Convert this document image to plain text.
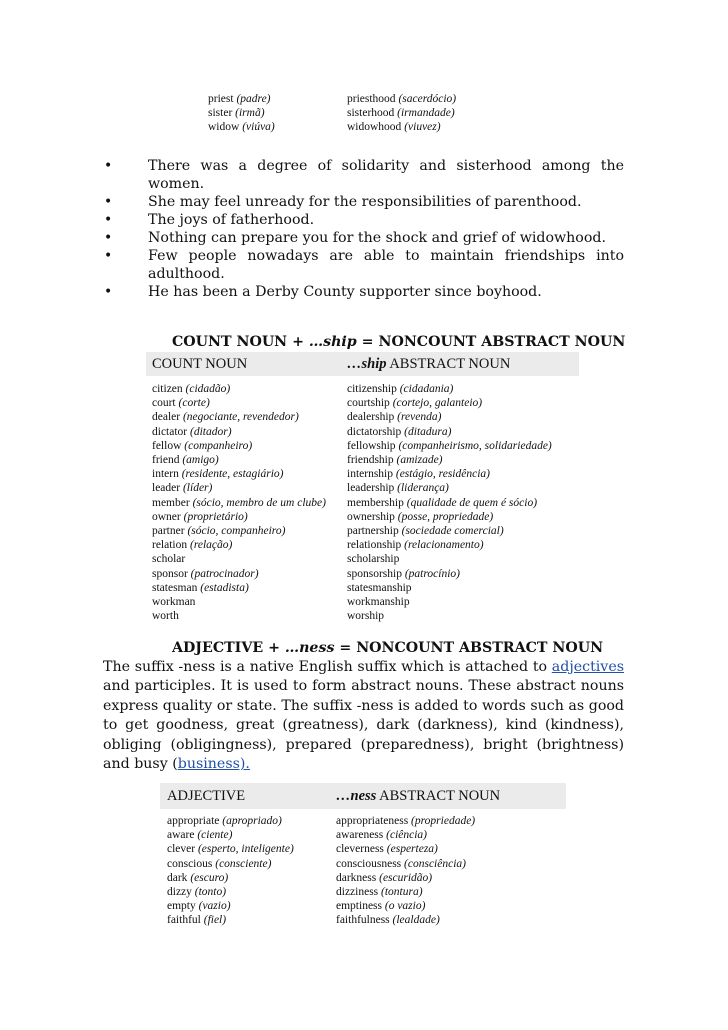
priest (padre)
sister (irmã)
widow (viúva)
priesthood (sacerdócio)
sisterhood (irmandade)
widowhood (viuvez)
• There was a degree of solidarity and sisterhood among the women.
• She may feel unready for the responsibilities of parenthood.
• The joys of fatherhood.
• Nothing can prepare you for the shock and grief of widowhood.
• Few people nowadays are able to maintain friendships into adulthood.
• He has been a Derby County supporter since boyhood.
COUNT NOUN + …ship = NONCOUNT ABSTRACT NOUN
COUNT NOUN	…ship ABSTRACT NOUN
citizen (cidadão)
court (corte)
dealer (negociante, revendedor)
dictator (ditador)
fellow (companheiro)
friend (amigo)
intern (residente, estagiário)
leader (líder)
member (sócio, membro de um clube)
owner (proprietário)
partner (sócio, companheiro)
relation (relação)
scholar
sponsor (patrocinador)
statesman (estadista)
workman
worth
citizenship (cidadania)
courtship (cortejo, galanteio)
dealership (revenda)
dictatorship (ditadura)
fellowship (companheirismo, solidariedade)
friendship (amizade)
internship (estágio, residência)
leadership (liderança)
membership (qualidade de quem é sócio)
ownership (posse, propriedade)
partnership (sociedade comercial)
relationship (relacionamento)
scholarship
sponsorship (patrocínio)
statesmanship
workmanship
worship
ADJECTIVE + …ness = NONCOUNT ABSTRACT NOUN
The suffix -ness is a native English suffix which is attached to adjectives and participles. It is used to form abstract nouns. These abstract nouns express quality or state. The suffix -ness is added to words such as good to get goodness, great (greatness), dark (darkness), kind (kindness), obliging (obligingness), prepared (preparedness), bright (brightness) and busy (business).
ADJECTIVE	…ness ABSTRACT NOUN
appropriate (apropriado)
aware (ciente)
clever (esperto, inteligente)
conscious (consciente)
dark (escuro)
dizzy (tonto)
empty (vazio)
faithful (fiel)
appropriateness (propriedade)
awareness (ciência)
cleverness (esperteza)
consciousness (consciência)
darkness (escuridão)
dizziness (tontura)
emptiness (o vazio)
faithfulness (lealdade)
